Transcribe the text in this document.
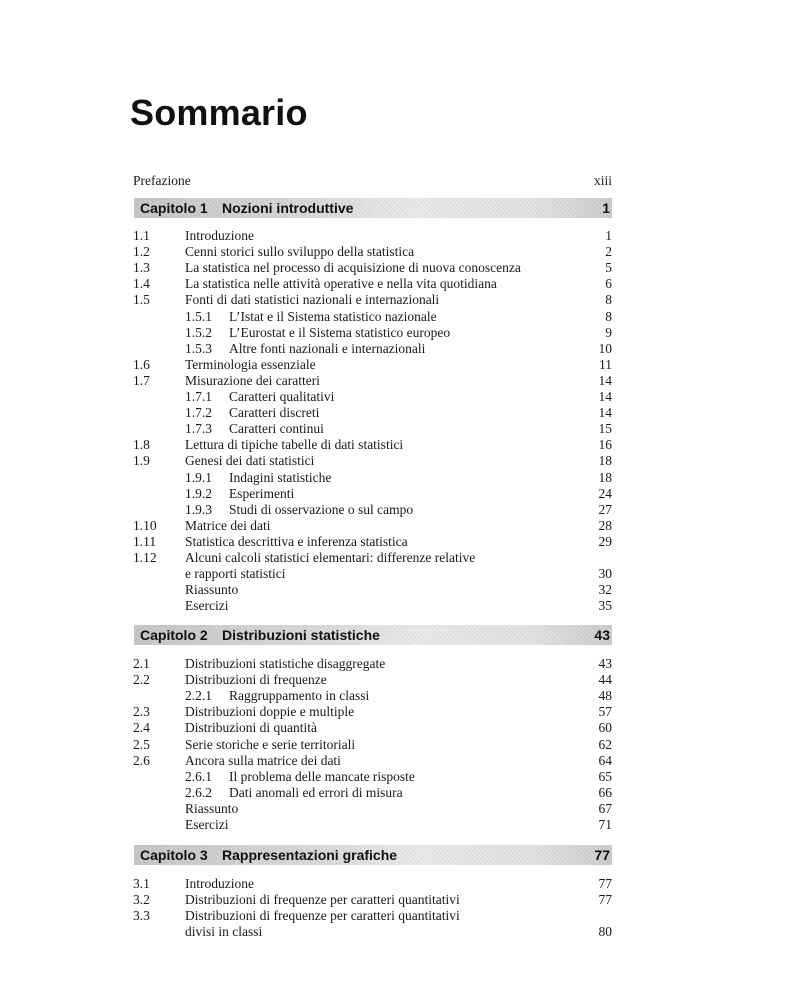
Sommario
Prefazione	xiii
Capitolo 1 Nozioni introduttive	1
1.1	Introduzione	1
1.2	Cenni storici sullo sviluppo della statistica	2
1.3	La statistica nel processo di acquisizione di nuova conoscenza	5
1.4	La statistica nelle attività operative e nella vita quotidiana	6
1.5	Fonti di dati statistici nazionali e internazionali	8
1.5.1 L’Istat e il Sistema statistico nazionale	8
1.5.2 L’Eurostat e il Sistema statistico europeo	9
1.5.3 Altre fonti nazionali e internazionali	10
1.6	Terminologia essenziale	11
1.7	Misurazione dei caratteri	14
1.7.1 Caratteri qualitativi	14
1.7.2 Caratteri discreti	14
1.7.3 Caratteri continui	15
1.8	Lettura di tipiche tabelle di dati statistici	16
1.9	Genesi dei dati statistici	18
1.9.1 Indagini statistiche	18
1.9.2 Esperimenti	24
1.9.3 Studi di osservazione o sul campo	27
1.10 Matrice dei dati	28
1.11 Statistica descrittiva e inferenza statistica	29
1.12 Alcuni calcoli statistici elementari: differenze relative
e rapporti statistici	30
Riassunto	32
Esercizi	35
Capitolo 2 Distribuzioni statistiche	43
2.1	Distribuzioni statistiche disaggregate	43
2.2	Distribuzioni di frequenze	44
2.2.1 Raggruppamento in classi	48
2.3	Distribuzioni doppie e multiple	57
2.4	Distribuzioni di quantità	60
2.5	Serie storiche e serie territoriali	62
2.6	Ancora sulla matrice dei dati	64
2.6.1 Il problema delle mancate risposte	65
2.6.2 Dati anomali ed errori di misura	66
Riassunto	67
Esercizi	71
Capitolo 3 Rappresentazioni grafiche	77
3.1	Introduzione	77
3.2	Distribuzioni di frequenze per caratteri quantitativi	77
3.3	Distribuzioni di frequenze per caratteri quantitativi
divisi in classi	80
